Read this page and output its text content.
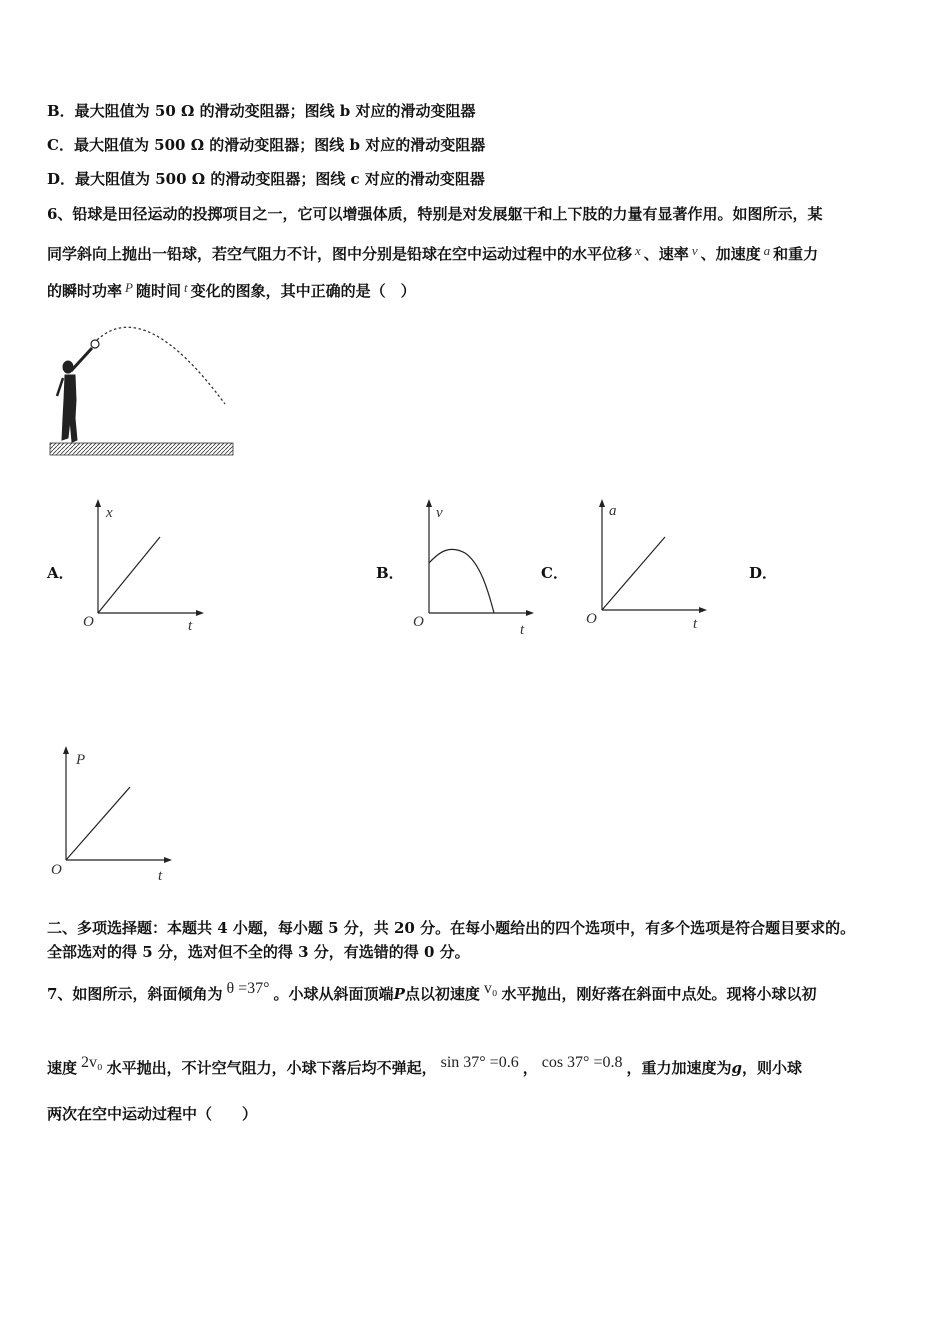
B．最大阻值为 50 Ω 的滑动变阻器；图线 b 对应的滑动变阻器
C．最大阻值为 500 Ω 的滑动变阻器；图线 b 对应的滑动变阻器
D．最大阻值为 500 Ω 的滑动变阻器；图线 c 对应的滑动变阻器
6、铅球是田径运动的投掷项目之一，它可以增强体质，特别是对发展躯干和上下肢的力量有显著作用。如图所示，某
同学斜向上抛出一铅球，若空气阻力不计，图中分别是铅球在空中运动过程中的水平位移 x 、速率 v 、加速度 a 和重力
的瞬时功率 P 随时间 t 变化的图象，其中正确的是（　）
A．	B．	C．	D．
x
t
O
v
t
O
a
t
O
P
t
O
二、多项选择题：本题共 4 小题，每小题 5 分，共 20 分。在每小题给出的四个选项中，有多个选项是符合题目要求的。
全部选对的得 5 分，选对但不全的得 3 分，有选错的得 0 分。
7、如图所示，斜面倾角为 θ =37° 。小球从斜面顶端P点以初速度 v₀ 水平抛出，刚好落在斜面中点处。现将小球以初
速度 2v₀ 水平抛出，不计空气阻力，小球下落后均不弹起， sin 37° =0.6 ， cos 37° =0.8 ，重力加速度为g，则小球
两次在空中运动过程中（　　）
